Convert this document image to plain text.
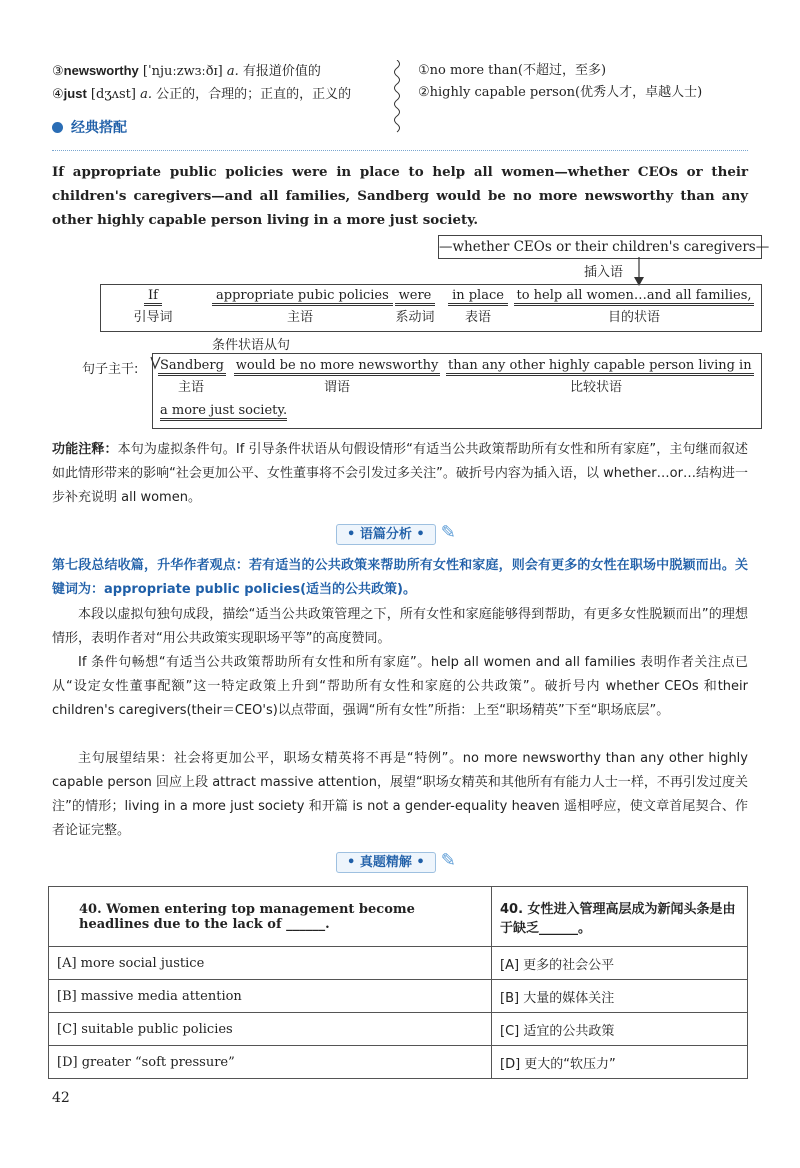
③newsworthy [ˈnjuːzwɜːðɪ] a. 有报道价值的
④just [dʒʌst] a. 公正的，合理的；正直的，正义的
①no more than(不超过，至多)
②highly capable person(优秀人才，卓越人士)
经典搭配
If appropriate public policies were in place to help all women—whether CEOs or their children's caregivers—and all families, Sandberg would be no more newsworthy than any other highly capable person living in a more just society.
—whether CEOs or their children's caregivers—
插入语
If
引导词
appropriate pubic policies
主语
were
系动词
in place
表语
to help all women…and all families,
目的状语
条件状语从句
句子主干: Sandberg
主语
would be no more newsworthy
谓语
than any other highly capable person living in
比较状语
a more just society.
功能注释：本句为虚拟条件句。If 引导条件状语从句假设情形“有适当公共政策帮助所有女性和所有家庭”，主句继而叙述如此情形带来的影响“社会更加公平、女性董事将不会引发过多关注”。破折号内容为插入语，以 whether…or…结构进一步补充说明 all women。
• 语篇分析 • ✎
第七段总结收篇，升华作者观点：若有适当的公共政策来帮助所有女性和家庭，则会有更多的女性在职场中脱颖而出。关键词为：appropriate public policies(适当的公共政策)。
本段以虚拟句独句成段，描绘“适当公共政策管理之下，所有女性和家庭能够得到帮助，有更多女性脱颖而出”的理想情形，表明作者对“用公共政策实现职场平等”的高度赞同。
If 条件句畅想“有适当公共政策帮助所有女性和所有家庭”。help all women and all families 表明作者关注点已从“设定女性董事配额”这一特定政策上升到“帮助所有女性和家庭的公共政策”。破折号内 whether CEOs 和their children's caregivers(their＝CEO's)以点带面，强调“所有女性”所指：上至“职场精英”下至“职场底层”。
主句展望结果：社会将更加公平，职场女精英将不再是“特例”。no more newsworthy than any other highly capable person 回应上段 attract massive attention，展望“职场女精英和其他所有有能力人士一样，不再引发过度关注”的情形；living in a more just society 和开篇 is not a gender-equality heaven 遥相呼应，使文章首尾契合、作者论证完整。
• 真题精解 • ✎
40. Women entering top management become headlines due to the lack of ______.	40. 女性进入管理高层成为新闻头条是由于缺乏______。
[A] more social justice	[A] 更多的社会公平
[B] massive media attention	[B] 大量的媒体关注
[C] suitable public policies	[C] 适宜的公共政策
[D] greater “soft pressure”	[D] 更大的“软压力”
42
